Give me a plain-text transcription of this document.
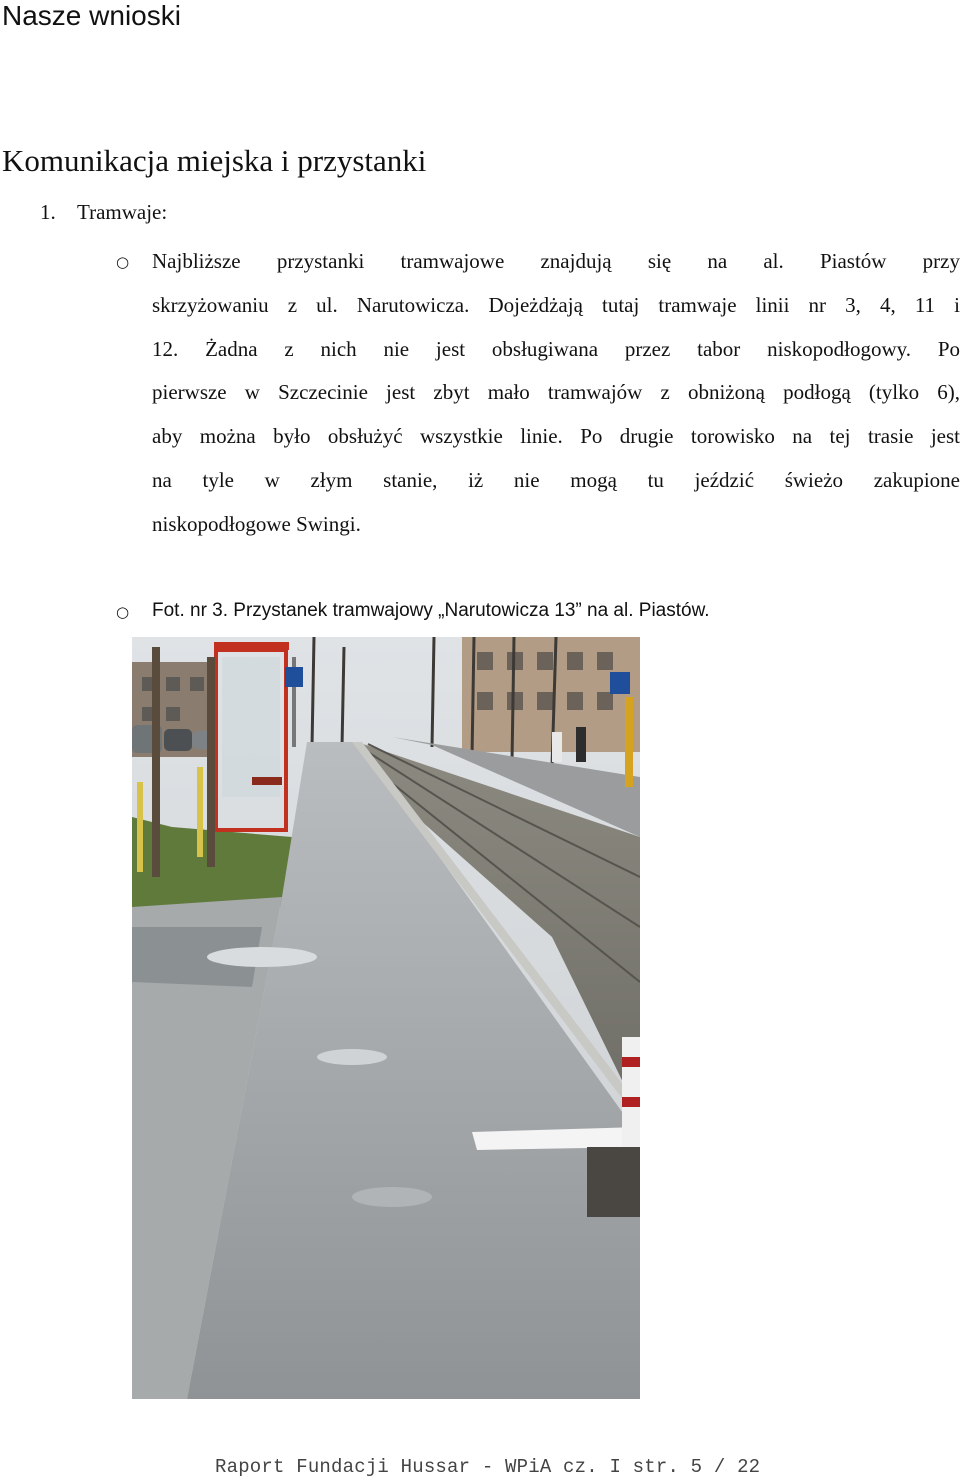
Nasze wnioski
Komunikacja miejska i przystanki
1. Tramwaje:
○ Najbliższe przystanki tramwajowe znajdują się na al. Piastów przy
skrzyżowaniu z ul. Narutowicza. Dojeżdżają tutaj tramwaje linii nr 3, 4, 11 i
12. Żadna z nich nie jest obsługiwana przez tabor niskopodłogowy. Po
pierwsze w Szczecinie jest zbyt mało tramwajów z obniżoną podłogą (tylko 6),
aby można było obsłużyć wszystkie linie. Po drugie torowisko na tej trasie jest
na tyle w złym stanie, iż nie mogą tu jeździć świeżo zakupione
niskopodłogowe Swingi.
○ Fot. nr 3. Przystanek tramwajowy „Narutowicza 13” na al. Piastów.
Raport Fundacji Hussar - WPiA cz. I str. 5 / 22
